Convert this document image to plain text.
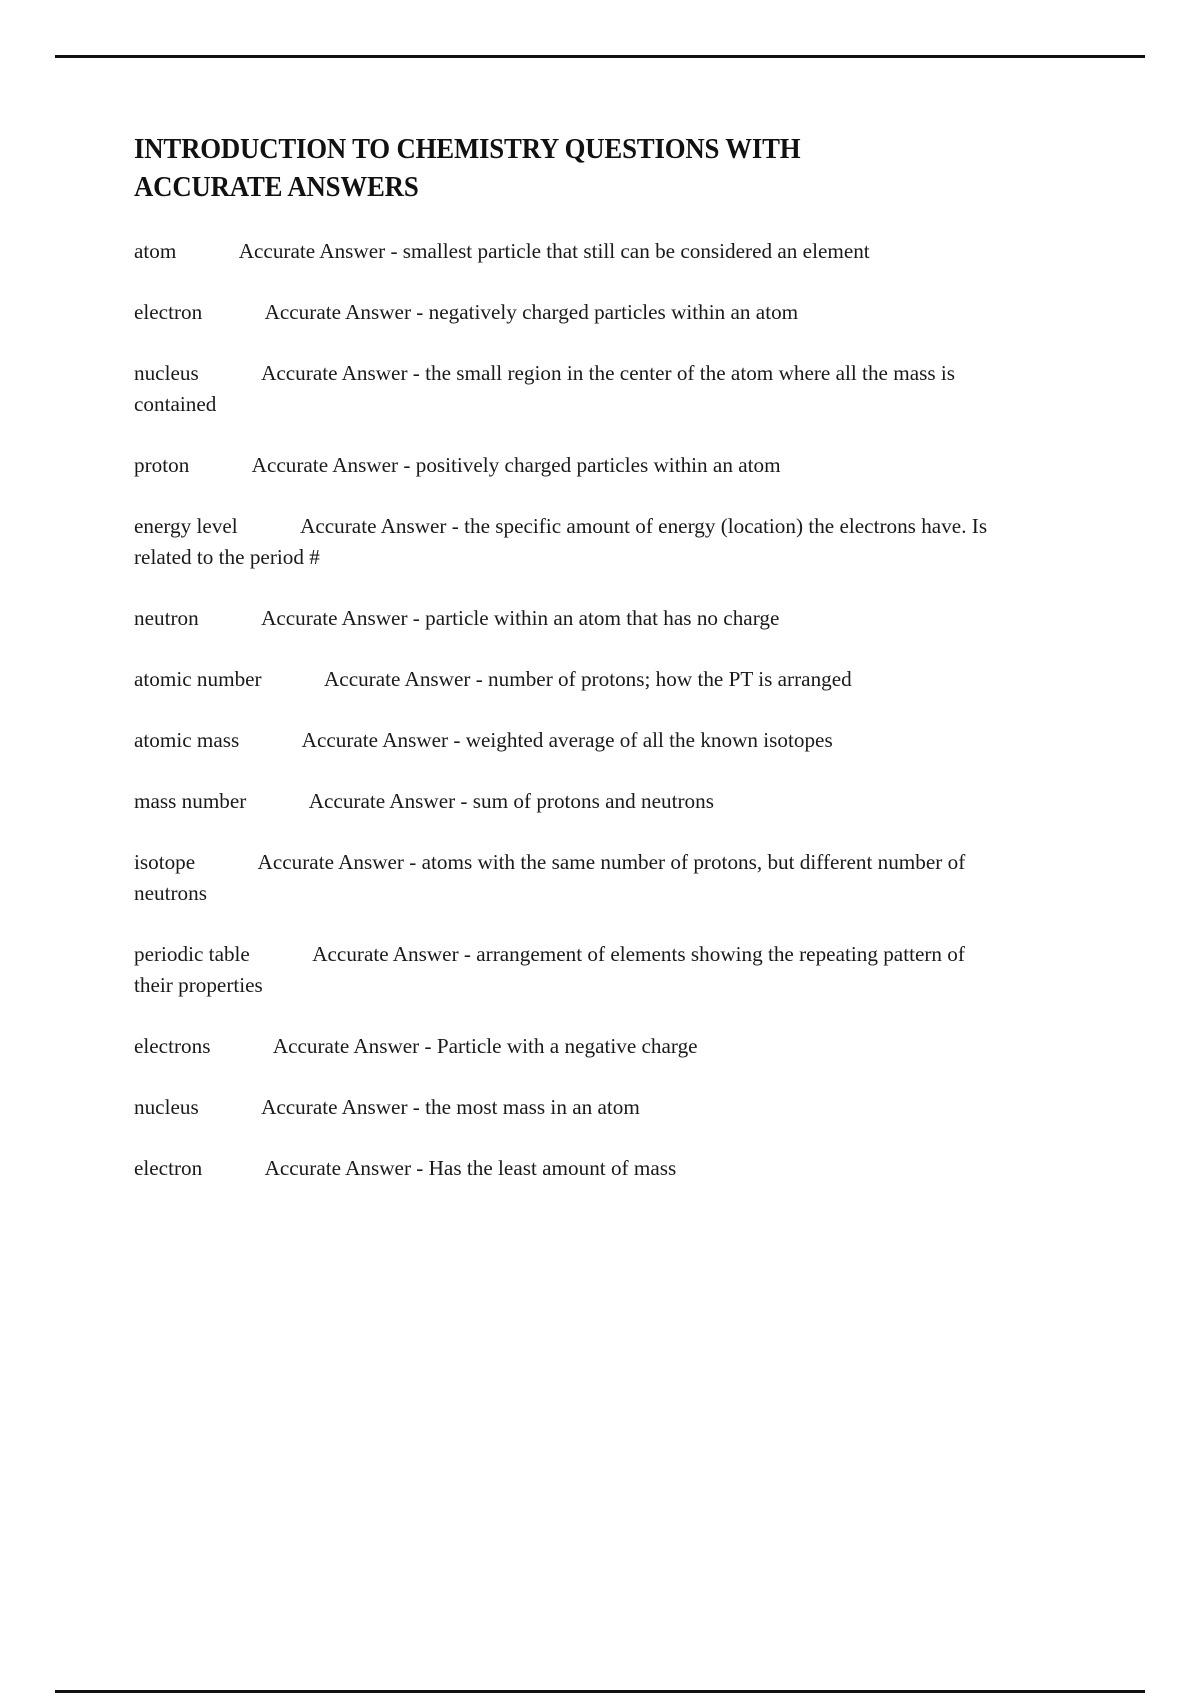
INTRODUCTION TO CHEMISTRY QUESTIONS WITH
ACCURATE ANSWERS

atom	Accurate Answer - smallest particle that still can be considered an element

electron	Accurate Answer - negatively charged particles within an atom

nucleus	Accurate Answer - the small region in the center of the atom where all the mass is contained

proton	Accurate Answer - positively charged particles within an atom

energy level	Accurate Answer - the specific amount of energy (location) the electrons have. Is related to the period #

neutron	Accurate Answer - particle within an atom that has no charge

atomic number	Accurate Answer - number of protons; how the PT is arranged

atomic mass	Accurate Answer - weighted average of all the known isotopes

mass number	Accurate Answer - sum of protons and neutrons

isotope	Accurate Answer - atoms with the same number of protons, but different number of neutrons

periodic table	Accurate Answer - arrangement of elements showing the repeating pattern of their properties

electrons	Accurate Answer - Particle with a negative charge

nucleus	Accurate Answer - the most mass in an atom

electron	Accurate Answer - Has the least amount of mass
